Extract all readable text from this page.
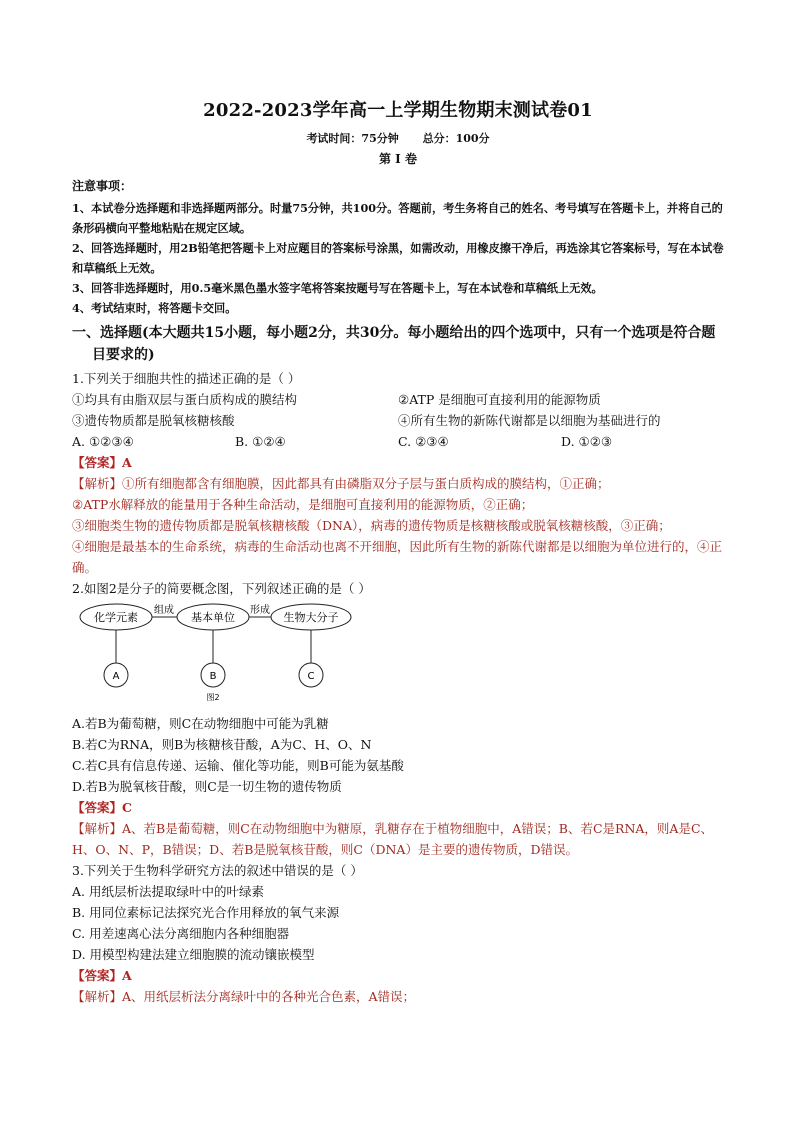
2022-2023学年高一上学期生物期末测试卷01
考试时间：75分钟 总分：100分
第 I 卷
注意事项：

1、本试卷分选择题和非选择题两部分。时量75分钟，共100分。答题前，考生务将自己的姓名、考号填写在答题卡上，并将自己的条形码横向平整地粘贴在规定区域。

2、回答选择题时，用2B铅笔把答题卡上对应题目的答案标号涂黑，如需改动，用橡皮擦干净后，再选涂其它答案标号，写在本试卷和草稿纸上无效。

3、回答非选择题时，用0.5毫米黑色墨水签字笔将答案按题号写在答题卡上，写在本试卷和草稿纸上无效。

4、考试结束时，将答题卡交回。

一、选择题(本大题共15小题，每小题2分，共30分。每小题给出的四个选项中，只有一个选项是符合题
目要求的)

1.下列关于细胞共性的描述正确的是（ ）

①均具有由脂双层与蛋白质构成的膜结构	②ATP 是细胞可直接利用的能源物质
③遗传物质都是脱氧核糖核酸	④所有生物的新陈代谢都是以细胞为基础进行的
A. ①②③④	B. ①②④	C. ②③④	D. ①②③
【答案】A

【解析】①所有细胞都含有细胞膜，因此都具有由磷脂双分子层与蛋白质构成的膜结构，①正确；

②ATP水解释放的能量用于各种生命活动，是细胞可直接利用的能源物质，②正确；

③细胞类生物的遗传物质都是脱氧核糖核酸（DNA），病毒的遗传物质是核糖核酸或脱氧核糖核酸，③正确；

④细胞是最基本的生命系统，病毒的生命活动也离不开细胞，因此所有生物的新陈代谢都是以细胞为单位进行的，④正确。

2.如图2是分子的简要概念图，下列叙述正确的是（ ）

化学元素	基本单位	生物大分子
组成	形成
A	B	C
图2

A.若B为葡萄糖，则C在动物细胞中可能为乳糖

B.若C为RNA，则B为核糖核苷酸，A为C、H、O、N

C.若C具有信息传递、运输、催化等功能，则B可能为氨基酸

D.若B为脱氧核苷酸，则C是一切生物的遗传物质

【答案】C

【解析】A、若B是葡萄糖，则C在动物细胞中为糖原，乳糖存在于植物细胞中，A错误；B、若C是RNA，则A是C、H、O、N、P，B错误；D、若B是脱氧核苷酸，则C（DNA）是主要的遗传物质，D错误。

3.下列关于生物科学研究方法的叙述中错误的是（ ）

A. 用纸层析法提取绿叶中的叶绿素

B. 用同位素标记法探究光合作用释放的氧气来源

C. 用差速离心法分离细胞内各种细胞器

D. 用模型构建法建立细胞膜的流动镶嵌模型

【答案】A

【解析】A、用纸层析法分离绿叶中的各种光合色素，A错误；
